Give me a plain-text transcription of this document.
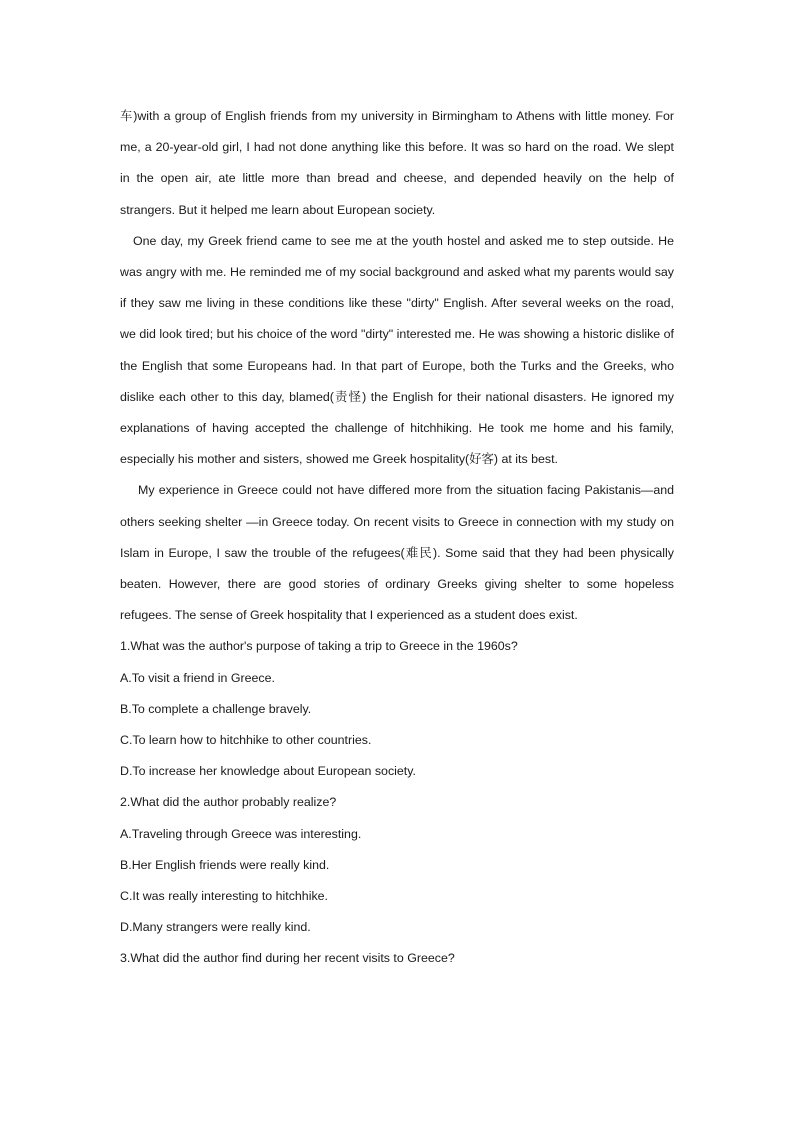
车)with a group of English friends from my university in Birmingham to Athens with little money. For me, a 20-year-old girl, I had not done anything like this before. It was so hard on the road. We slept in the open air, ate little more than bread and cheese, and depended heavily on the help of strangers. But it helped me learn about European society.

One day, my Greek friend came to see me at the youth hostel and asked me to step outside. He was angry with me. He reminded me of my social background and asked what my parents would say if they saw me living in these conditions like these "dirty" English. After several weeks on the road, we did look tired; but his choice of the word "dirty" interested me. He was showing a historic dislike of the English that some Europeans had. In that part of Europe, both the Turks and the Greeks, who dislike each other to this day, blamed(责怪) the English for their national disasters. He ignored my explanations of having accepted the challenge of hitchhiking. He took me home and his family, especially his mother and sisters, showed me Greek hospitality(好客) at its best.

My experience in Greece could not have differed more from the situation facing Pakistanis—and others seeking shelter —in Greece today. On recent visits to Greece in connection with my study on Islam in Europe, I saw the trouble of the refugees(难民). Some said that they had been physically beaten. However, there are good stories of ordinary Greeks giving shelter to some hopeless refugees. The sense of Greek hospitality that I experienced as a student does exist.

1.What was the author's purpose of taking a trip to Greece in the 1960s?

A.To visit a friend in Greece.

B.To complete a challenge bravely.

C.To learn how to hitchhike to other countries.

D.To increase her knowledge about European society.

2.What did the author probably realize?

A.Traveling through Greece was interesting.

B.Her English friends were really kind.

C.It was really interesting to hitchhike.

D.Many strangers were really kind.

3.What did the author find during her recent visits to Greece?
